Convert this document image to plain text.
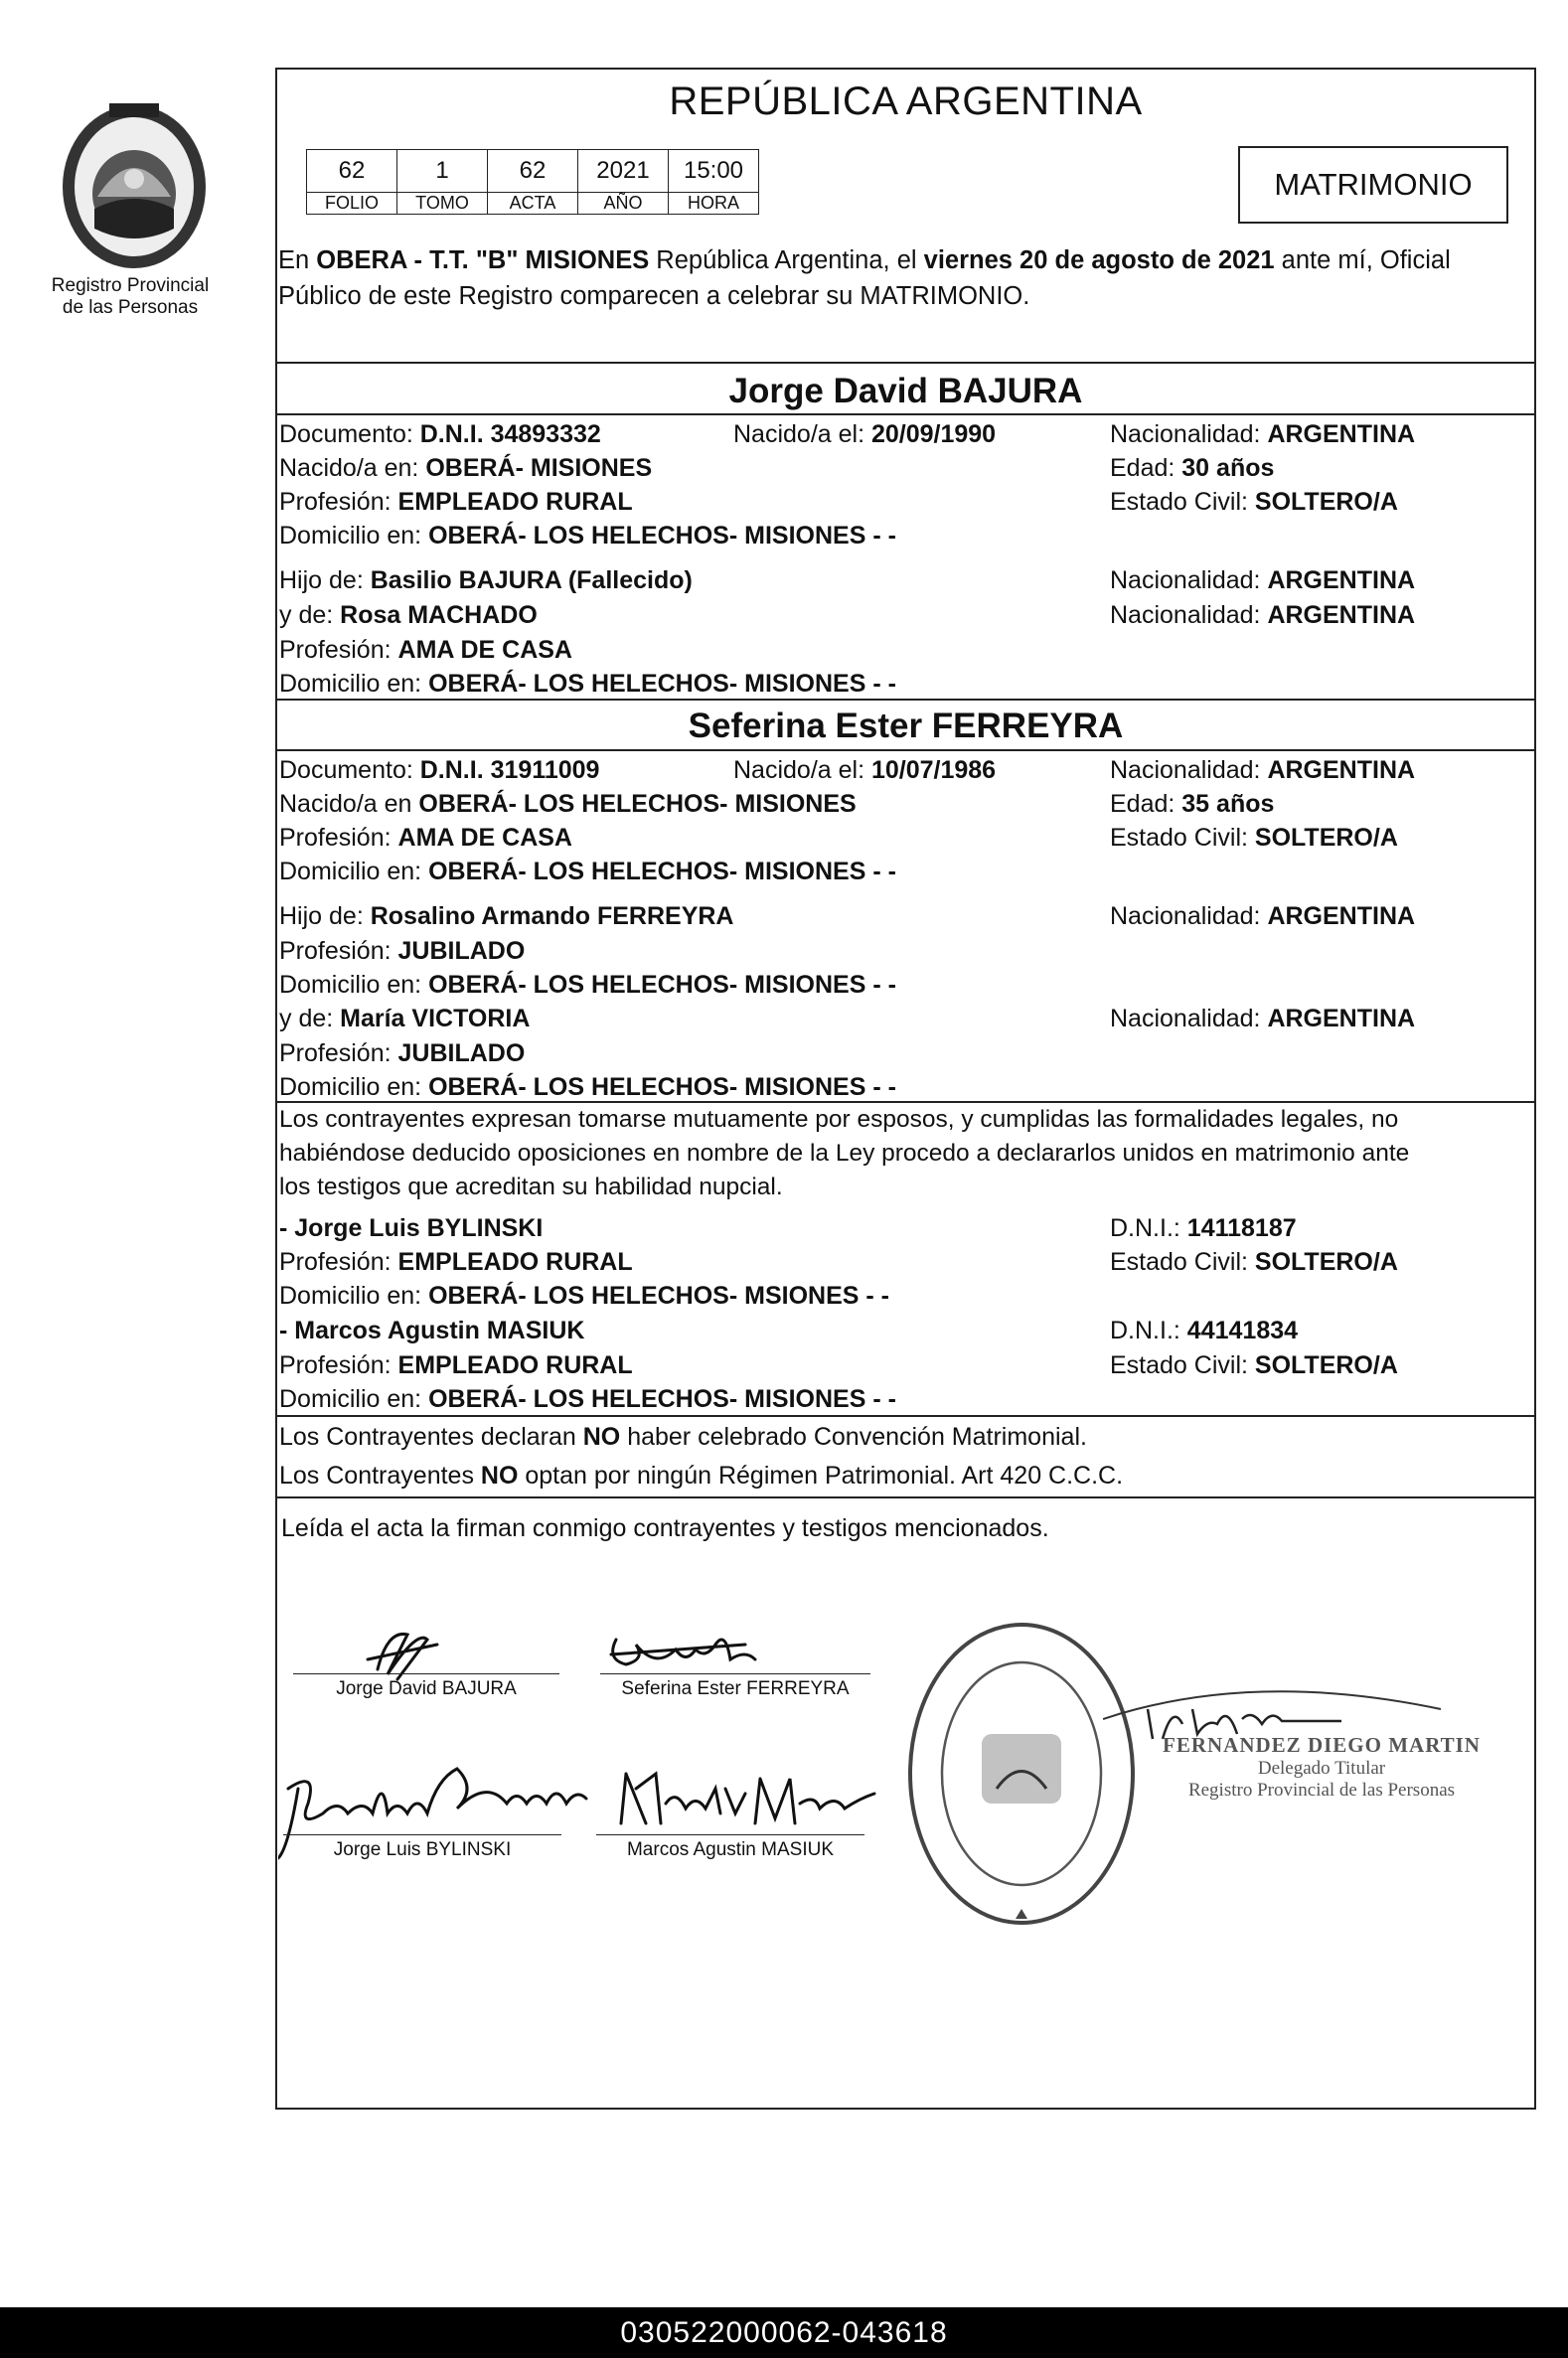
Registro Provincial
de las Personas
REPÚBLICA ARGENTINA
62	1	62	2021	15:00
FOLIO	TOMO	ACTA	AÑO	HORA
MATRIMONIO
En OBERA - T.T. "B" MISIONES República Argentina, el viernes 20 de agosto de 2021 ante mí, Oficial Público de este Registro comparecen a celebrar su MATRIMONIO.
Jorge David BAJURA
Documento: D.N.I. 34893332	Nacido/a el: 20/09/1990	Nacionalidad: ARGENTINA
Nacido/a en: OBERÁ- MISIONES	Edad: 30 años
Profesión: EMPLEADO RURAL	Estado Civil: SOLTERO/A
Domicilio en: OBERÁ- LOS HELECHOS- MISIONES - -
Hijo de: Basilio BAJURA (Fallecido)	Nacionalidad: ARGENTINA
y de: Rosa MACHADO	Nacionalidad: ARGENTINA
Profesión: AMA DE CASA
Domicilio en: OBERÁ- LOS HELECHOS- MISIONES - -
Seferina Ester FERREYRA
Documento: D.N.I. 31911009	Nacido/a el: 10/07/1986	Nacionalidad: ARGENTINA
Nacido/a en OBERÁ- LOS HELECHOS- MISIONES	Edad: 35 años
Profesión: AMA DE CASA	Estado Civil: SOLTERO/A
Domicilio en: OBERÁ- LOS HELECHOS- MISIONES - -
Hijo de: Rosalino Armando FERREYRA	Nacionalidad: ARGENTINA
Profesión: JUBILADO
Domicilio en: OBERÁ- LOS HELECHOS- MISIONES - -
y de: María VICTORIA	Nacionalidad: ARGENTINA
Profesión: JUBILADO
Domicilio en: OBERÁ- LOS HELECHOS- MISIONES - -
Los contrayentes expresan tomarse mutuamente por esposos, y cumplidas las formalidades legales, no
habiéndose deducido oposiciones en nombre de la Ley procedo a declararlos unidos en matrimonio ante
los testigos que acreditan su habilidad nupcial.
- Jorge Luis BYLINSKI	D.N.I.: 14118187
Profesión: EMPLEADO RURAL	Estado Civil: SOLTERO/A
Domicilio en: OBERÁ- LOS HELECHOS- MSIONES - -
- Marcos Agustin MASIUK	D.N.I.: 44141834
Profesión: EMPLEADO RURAL	Estado Civil: SOLTERO/A
Domicilio en: OBERÁ- LOS HELECHOS- MISIONES - -
Los Contrayentes declaran NO haber celebrado Convención Matrimonial.
Los Contrayentes NO optan por ningún Régimen Patrimonial. Art 420 C.C.C.
Leída el acta la firman conmigo contrayentes y testigos mencionados.
Jorge David BAJURA	Seferina Ester FERREYRA
Jorge Luis BYLINSKI	Marcos Agustin MASIUK
FERNANDEZ DIEGO MARTIN
Delegado Titular
Registro Provincial de las Personas
030522000062-043618
